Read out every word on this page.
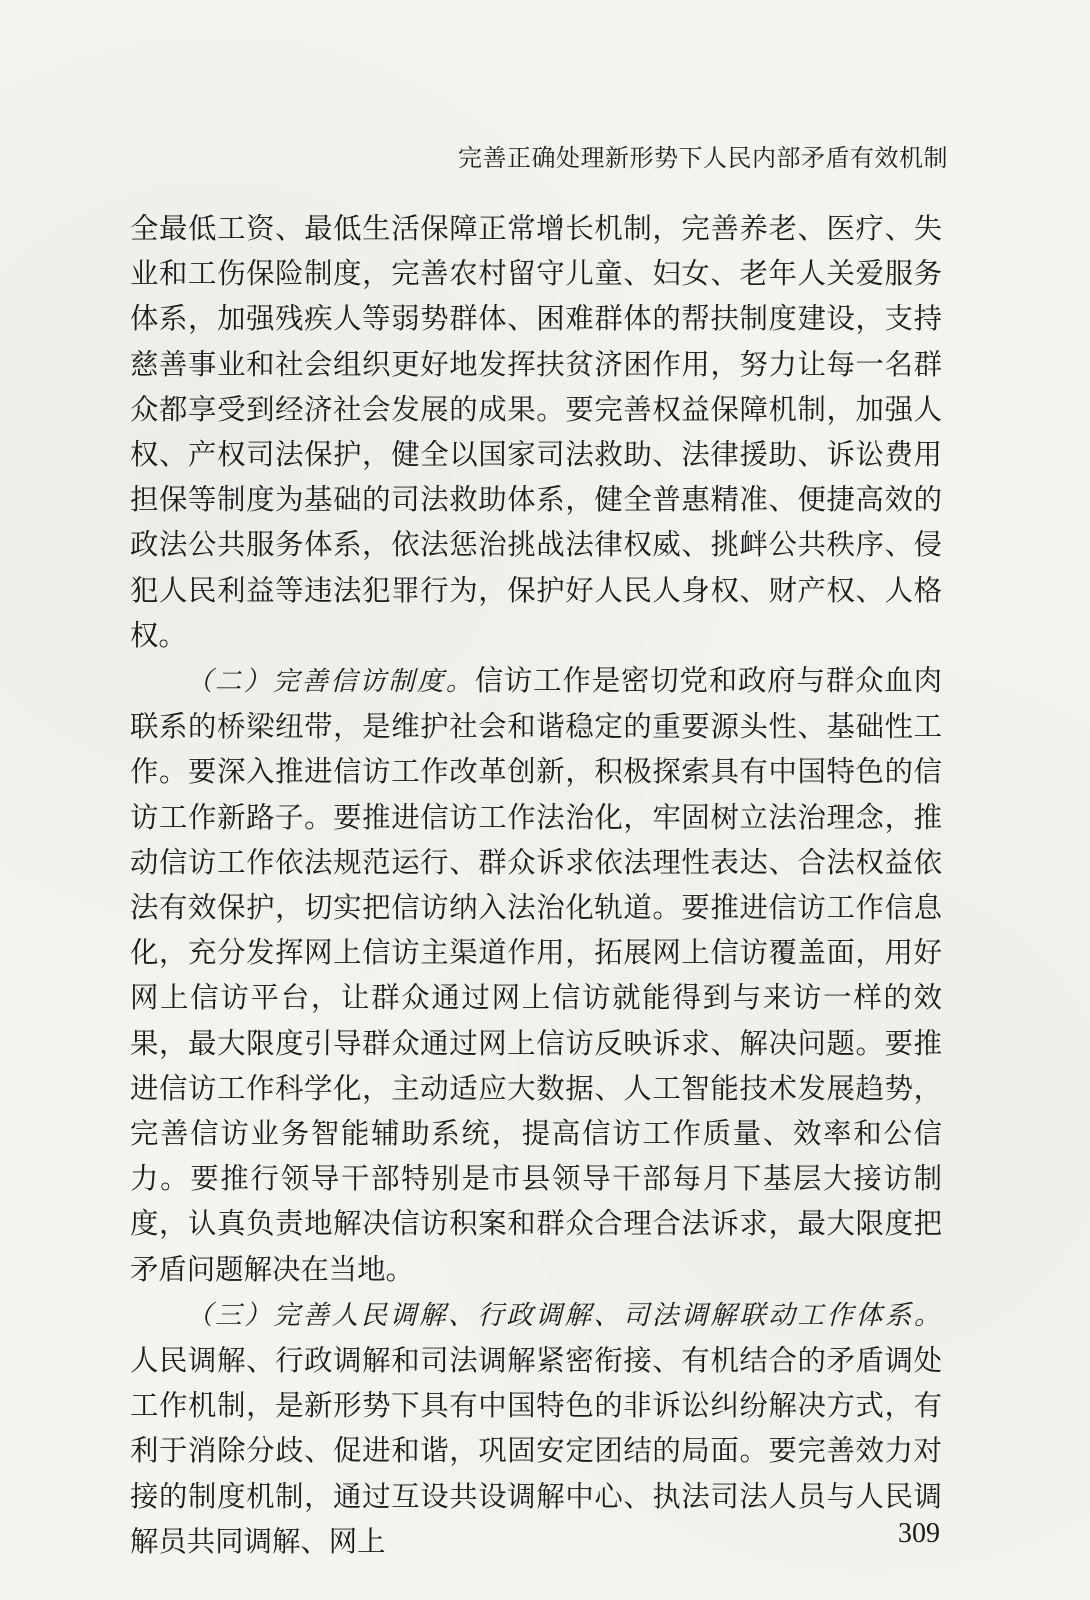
完善正确处理新形势下人民内部矛盾有效机制

全最低工资、最低生活保障正常增长机制，完善养老、医疗、失业和工伤保险制度，完善农村留守儿童、妇女、老年人关爱服务体系，加强残疾人等弱势群体、困难群体的帮扶制度建设，支持慈善事业和社会组织更好地发挥扶贫济困作用，努力让每一名群众都享受到经济社会发展的成果。要完善权益保障机制，加强人权、产权司法保护，健全以国家司法救助、法律援助、诉讼费用担保等制度为基础的司法救助体系，健全普惠精准、便捷高效的政法公共服务体系，依法惩治挑战法律权威、挑衅公共秩序、侵犯人民利益等违法犯罪行为，保护好人民人身权、财产权、人格权。

（二）完善信访制度。信访工作是密切党和政府与群众血肉联系的桥梁纽带，是维护社会和谐稳定的重要源头性、基础性工作。要深入推进信访工作改革创新，积极探索具有中国特色的信访工作新路子。要推进信访工作法治化，牢固树立法治理念，推动信访工作依法规范运行、群众诉求依法理性表达、合法权益依法有效保护，切实把信访纳入法治化轨道。要推进信访工作信息化，充分发挥网上信访主渠道作用，拓展网上信访覆盖面，用好网上信访平台，让群众通过网上信访就能得到与来访一样的效果，最大限度引导群众通过网上信访反映诉求、解决问题。要推进信访工作科学化，主动适应大数据、人工智能技术发展趋势，完善信访业务智能辅助系统，提高信访工作质量、效率和公信力。要推行领导干部特别是市县领导干部每月下基层大接访制度，认真负责地解决信访积案和群众合理合法诉求，最大限度把矛盾问题解决在当地。

（三）完善人民调解、行政调解、司法调解联动工作体系。人民调解、行政调解和司法调解紧密衔接、有机结合的矛盾调处工作机制，是新形势下具有中国特色的非诉讼纠纷解决方式，有利于消除分歧、促进和谐，巩固安定团结的局面。要完善效力对接的制度机制，通过互设共设调解中心、执法司法人员与人民调解员共同调解、网上	309
